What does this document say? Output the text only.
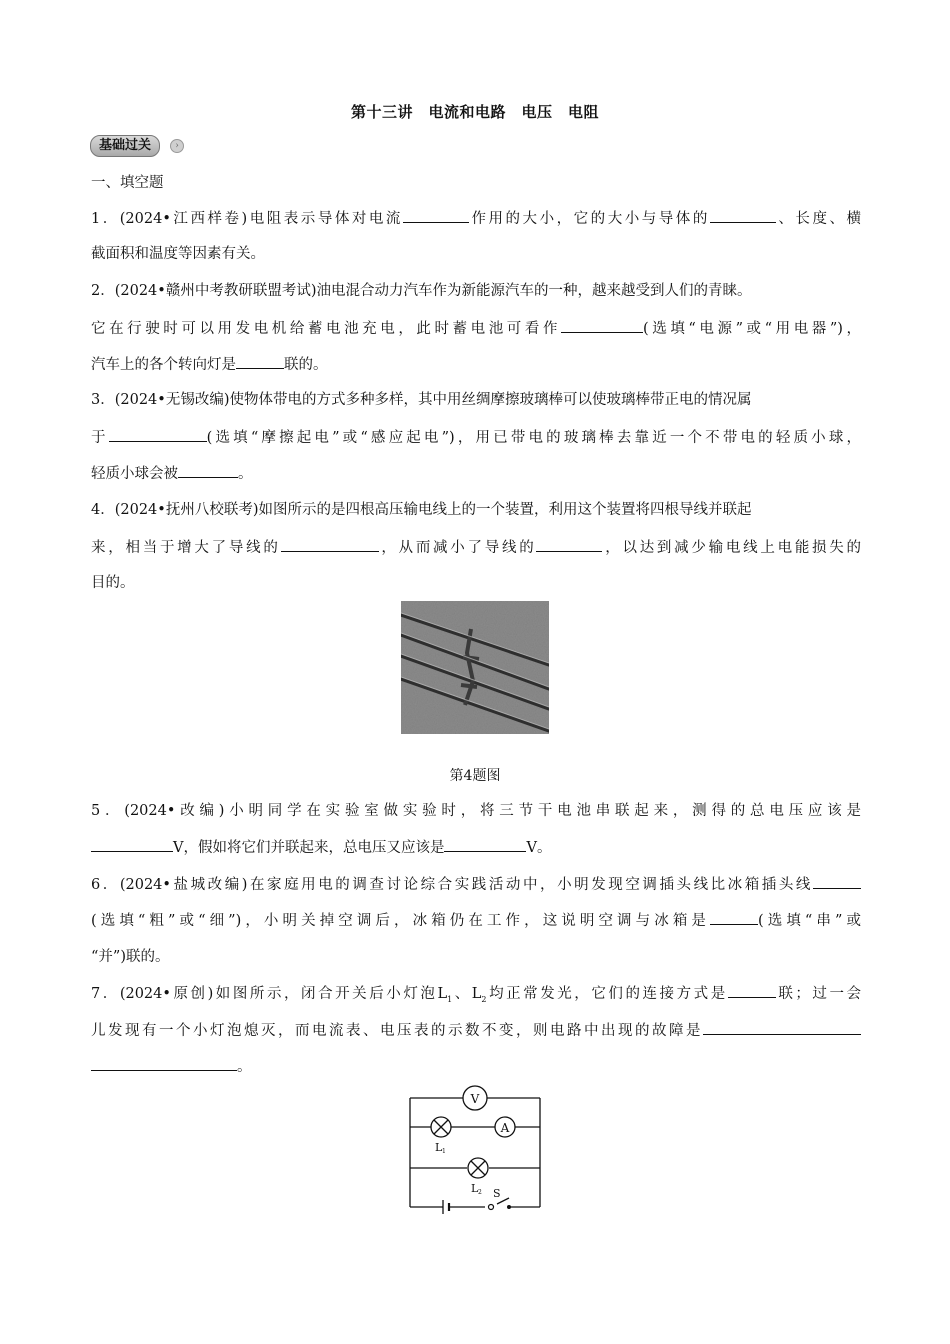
第十三讲　电流和电路　电压　电阻
基础过关	›
一、填空题
1．(2024•江西样卷)电阻表示导体对电流	作用的大小，它的大小与导体的	、长度、横
截面积和温度等因素有关。
2．(2024•赣州中考教研联盟考试)油电混合动力汽车作为新能源汽车的一种，越来越受到人们的青睐。
它在行驶时可以用发电机给蓄电池充电，此时蓄电池可看作	(选填“电源”或“用电器”)，
汽车上的各个转向灯是	联的。
3．(2024•无锡改编)使物体带电的方式多种多样，其中用丝绸摩擦玻璃棒可以使玻璃棒带正电的情况属
于	(选填“摩擦起电”或“感应起电”)，用已带电的玻璃棒去靠近一个不带电的轻质小球，
轻质小球会被	。
4．(2024•抚州八校联考)如图所示的是四根高压输电线上的一个装置，利用这个装置将四根导线并联起
来，相当于增大了导线的	，从而减小了导线的	，以达到减少输电线上电能损失的
目的。
第4题图
5．(2024•改编)小明同学在实验室做实验时，将三节干电池串联起来，测得的总电压应该是
V，假如将它们并联起来，总电压又应该是	V。
6．(2024•盐城改编)在家庭用电的调查讨论综合实践活动中，小明发现空调插头线比冰箱插头线
(选填“粗”或“细”)，小明关掉空调后，冰箱仍在工作，这说明空调与冰箱是	(选填“串”或
“并”)联的。
7．(2024•原创)如图所示，闭合开关后小灯泡$L_1$、$L_2$均正常发光，它们的连接方式是	联；过一会
儿发现有一个小灯泡熄灭，而电流表、电压表的示数不变，则电路中出现的故障是
。
V
A
L 1
L 2 S
